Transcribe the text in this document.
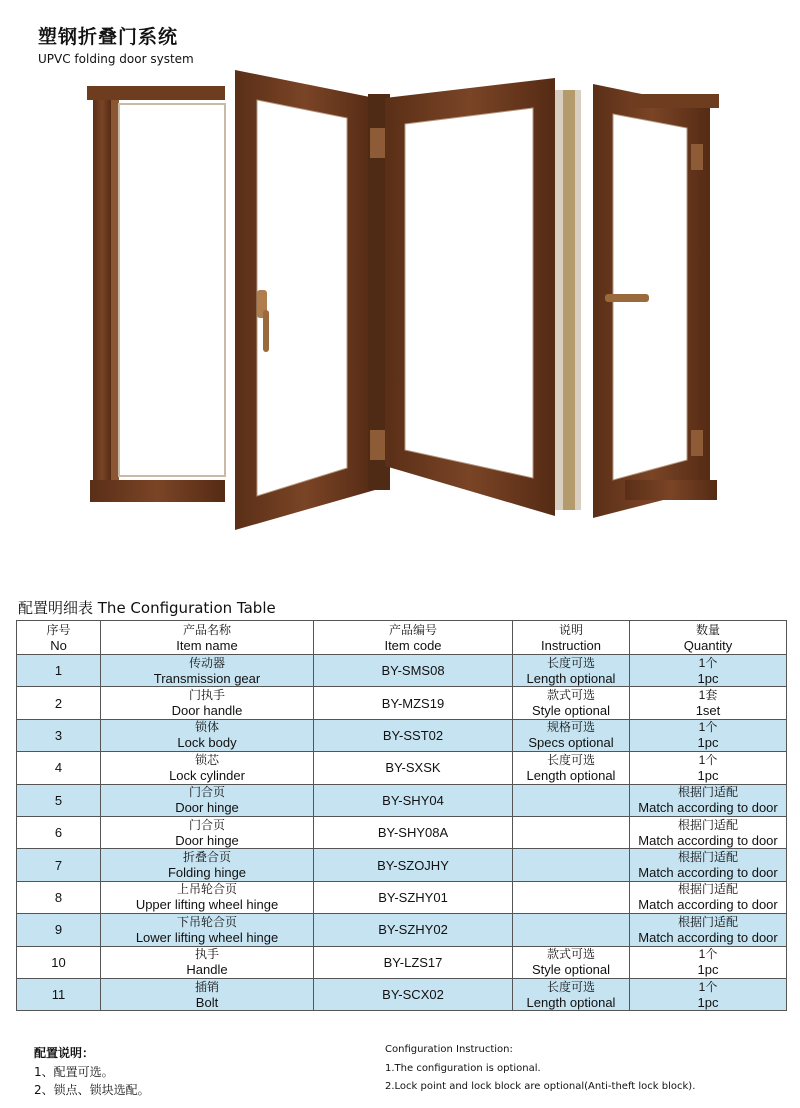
塑钢折叠门系统
UPVC folding door system
配置明细表 The Configuration Table
序号
No	产品名称
Item name	产品编号
Item code	说明
Instruction	数量
Quantity

1	传动器
Transmission gear	BY-SMS08	长度可选
Length optional	1个
1pc

2	门执手
Door handle	BY-MZS19	款式可选
Style optional	1套
1set

3	锁体
Lock body	BY-SST02	规格可选
Specs optional	1个
1pc

4	锁芯
Lock cylinder	BY-SXSK	长度可选
Length optional	1个
1pc

5	门合页
Door hinge	BY-SHY04		根据门适配
Match according to door

6	门合页
Door hinge	BY-SHY08A		根据门适配
Match according to door

7	折叠合页
Folding hinge	BY-SZOJHY		根据门适配
Match according to door

8	上吊轮合页
Upper lifting wheel hinge	BY-SZHY01		根据门适配
Match according to door

9	下吊轮合页
Lower lifting wheel hinge	BY-SZHY02		根据门适配
Match according to door

10	执手
Handle	BY-LZS17	款式可选
Style optional	1个
1pc

11	插销
Bolt	BY-SCX02	长度可选
Length optional	1个
1pc
配置说明：
1、配置可选。
2、锁点、锁块选配。
Configuration Instruction:
1.The configuration is optional.
2.Lock point and lock block are optional(Anti-theft lock block).
